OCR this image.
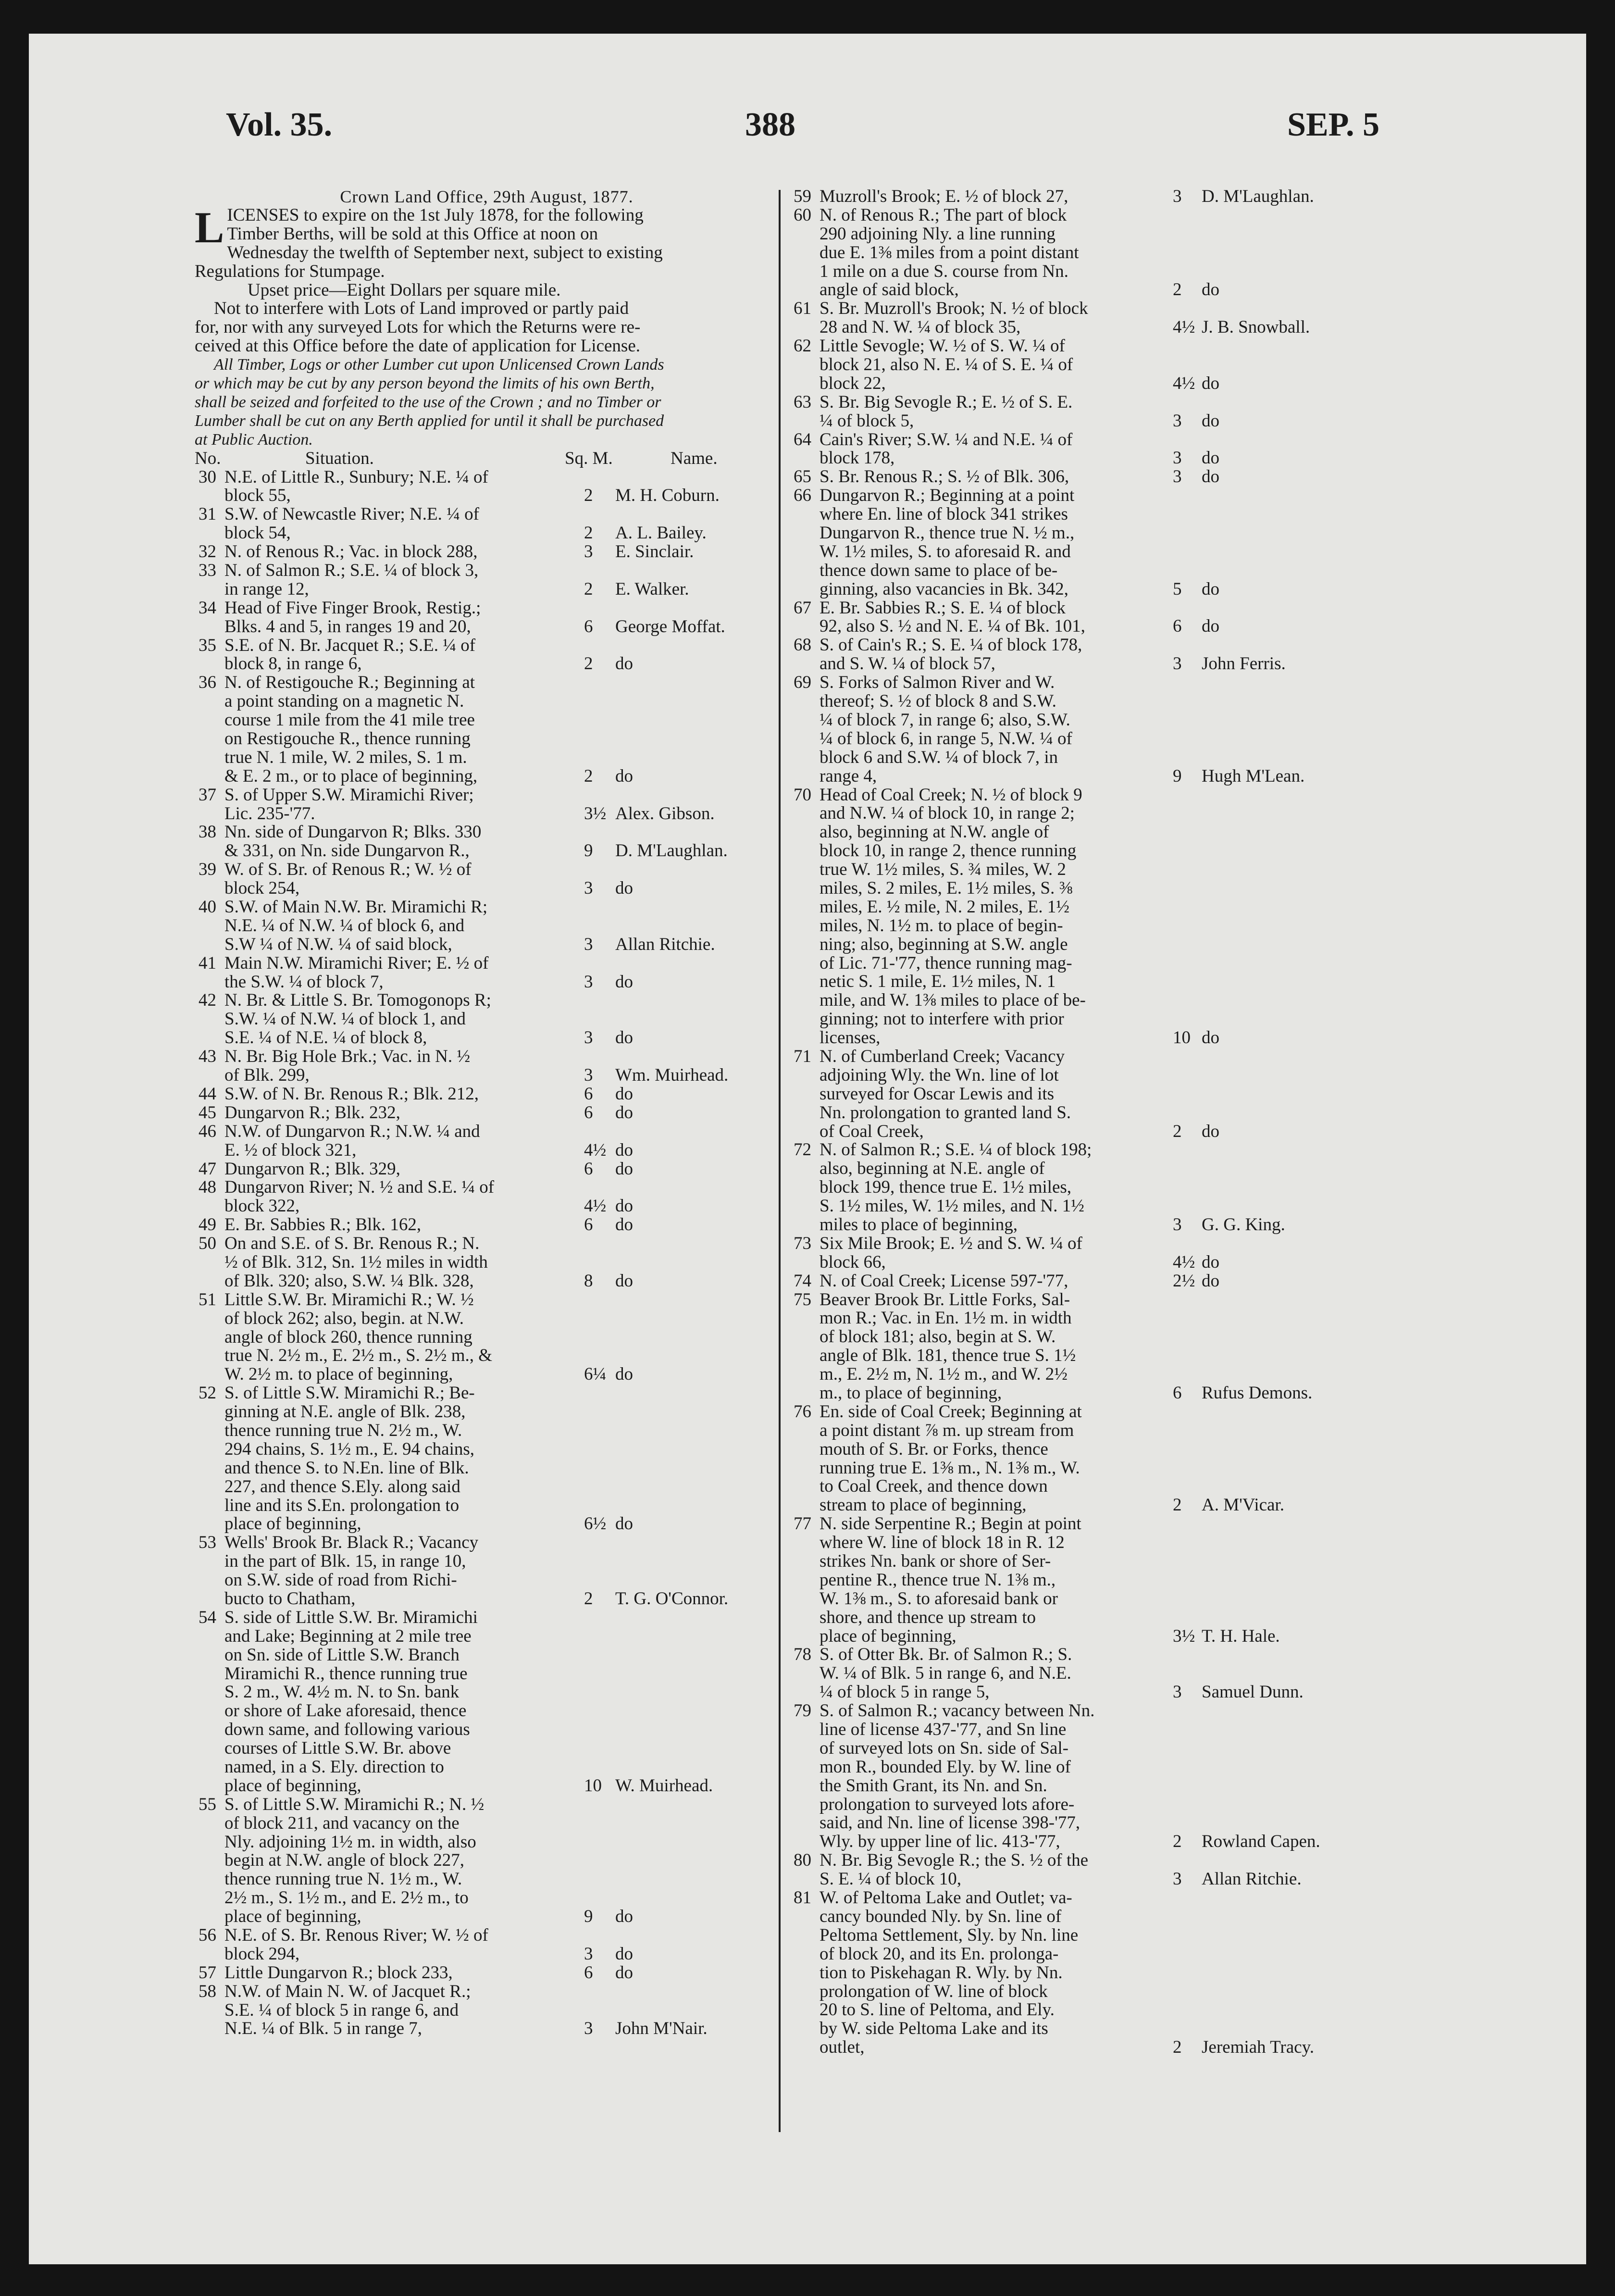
Vol. 35.	388	SEP. 5
Crown Land Office, 29th August, 1877.
L ICENSES to expire on the 1st July 1878, for the following
Timber Berths, will be sold at this Office at noon on
Wednesday the twelfth of September next, subject to existing
Regulations for Stumpage.
Upset price—Eight Dollars per square mile.
Not to interfere with Lots of Land improved or partly paid
for, nor with any surveyed Lots for which the Returns were re-
ceived at this Office before the date of application for License.
All Timber, Logs or other Lumber cut upon Unlicensed Crown Lands
or which may be cut by any person beyond the limits of his own Berth,
shall be seized and forfeited to the use of the Crown ; and no Timber or
Lumber shall be cut on any Berth applied for until it shall be purchased
at Public Auction.
No.	Situation.	Sq. M.	Name.
30 N.E. of Little R., Sunbury; N.E. ¼ of
block 55,	2 M. H. Coburn.
31 S.W. of Newcastle River; N.E. ¼ of
block 54,	2 A. L. Bailey.
32 N. of Renous R.; Vac. in block 288,	3 E. Sinclair.
33 N. of Salmon R.; S.E. ¼ of block 3,
in range 12,	2 E. Walker.
34 Head of Five Finger Brook, Restig.;
Blks. 4 and 5, in ranges 19 and 20,	6 George Moffat.
35 S.E. of N. Br. Jacquet R.; S.E. ¼ of
block 8, in range 6,	2 do
36 N. of Restigouche R.; Beginning at
a point standing on a magnetic N.
course 1 mile from the 41 mile tree
on Restigouche R., thence running
true N. 1 mile, W. 2 miles, S. 1 m.
& E. 2 m., or to place of beginning,	2 do
37 S. of Upper S.W. Miramichi River;
Lic. 235-'77.	3½ Alex. Gibson.
38 Nn. side of Dungarvon R; Blks. 330
& 331, on Nn. side Dungarvon R.,	9 D. M'Laughlan.
39 W. of S. Br. of Renous R.; W. ½ of
block 254,	3 do
40 S.W. of Main N.W. Br. Miramichi R;
N.E. ¼ of N.W. ¼ of block 6, and
S.W ¼ of N.W. ¼ of said block,	3 Allan Ritchie.
41 Main N.W. Miramichi River; E. ½ of
the S.W. ¼ of block 7,	3 do
42 N. Br. & Little S. Br. Tomogonops R;
S.W. ¼ of N.W. ¼ of block 1, and
S.E. ¼ of N.E. ¼ of block 8,	3 do
43 N. Br. Big Hole Brk.; Vac. in N. ½
of Blk. 299,	3 Wm. Muirhead.
44 S.W. of N. Br. Renous R.; Blk. 212,	6 do
45 Dungarvon R.; Blk. 232,	6 do
46 N.W. of Dungarvon R.; N.W. ¼ and
E. ½ of block 321,	4½ do
47 Dungarvon R.; Blk. 329,	6 do
48 Dungarvon River; N. ½ and S.E. ¼ of
block 322,	4½ do
49 E. Br. Sabbies R.; Blk. 162,	6 do
50 On and S.E. of S. Br. Renous R.; N.
½ of Blk. 312, Sn. 1½ miles in width
of Blk. 320; also, S.W. ¼ Blk. 328,	8 do
51 Little S.W. Br. Miramichi R.; W. ½
of block 262; also, begin. at N.W.
angle of block 260, thence running
true N. 2½ m., E. 2½ m., S. 2½ m., &
W. 2½ m. to place of beginning,	6¼ do
52 S. of Little S.W. Miramichi R.; Be-
ginning at N.E. angle of Blk. 238,
thence running true N. 2½ m., W.
294 chains, S. 1½ m., E. 94 chains,
and thence S. to N.En. line of Blk.
227, and thence S.Ely. along said
line and its S.En. prolongation to
place of beginning,	6½ do
53 Wells' Brook Br. Black R.; Vacancy
in the part of Blk. 15, in range 10,
on S.W. side of road from Richi-
bucto to Chatham,	2 T. G. O'Connor.
54 S. side of Little S.W. Br. Miramichi
and Lake; Beginning at 2 mile tree
on Sn. side of Little S.W. Branch
Miramichi R., thence running true
S. 2 m., W. 4½ m. N. to Sn. bank
or shore of Lake aforesaid, thence
down same, and following various
courses of Little S.W. Br. above
named, in a S. Ely. direction to
place of beginning,	10 W. Muirhead.
55 S. of Little S.W. Miramichi R.; N. ½
of block 211, and vacancy on the
Nly. adjoining 1½ m. in width, also
begin at N.W. angle of block 227,
thence running true N. 1½ m., W.
2½ m., S. 1½ m., and E. 2½ m., to
place of beginning,	9 do
56 N.E. of S. Br. Renous River; W. ½ of
block 294,	3 do
57 Little Dungarvon R.; block 233,	6 do
58 N.W. of Main N. W. of Jacquet R.;
S.E. ¼ of block 5 in range 6, and
N.E. ¼ of Blk. 5 in range 7,	3 John M'Nair.
59 Muzroll's Brook; E. ½ of block 27,	3 D. M'Laughlan.
60 N. of Renous R.; The part of block
290 adjoining Nly. a line running
due E. 1⅜ miles from a point distant
1 mile on a due S. course from Nn.
angle of said block,	2 do
61 S. Br. Muzroll's Brook; N. ½ of block
28 and N. W. ¼ of block 35,	4½ J. B. Snowball.
62 Little Sevogle; W. ½ of S. W. ¼ of
block 21, also N. E. ¼ of S. E. ¼ of
block 22,	4½ do
63 S. Br. Big Sevogle R.; E. ½ of S. E.
¼ of block 5,	3 do
64 Cain's River; S.W. ¼ and N.E. ¼ of
block 178,	3 do
65 S. Br. Renous R.; S. ½ of Blk. 306,	3 do
66 Dungarvon R.; Beginning at a point
where En. line of block 341 strikes
Dungarvon R., thence true N. ½ m.,
W. 1½ miles, S. to aforesaid R. and
thence down same to place of be-
ginning, also vacancies in Bk. 342,	5 do
67 E. Br. Sabbies R.; S. E. ¼ of block
92, also S. ½ and N. E. ¼ of Bk. 101,	6 do
68 S. of Cain's R.; S. E. ¼ of block 178,
and S. W. ¼ of block 57,	3 John Ferris.
69 S. Forks of Salmon River and W.
thereof; S. ½ of block 8 and S.W.
¼ of block 7, in range 6; also, S.W.
¼ of block 6, in range 5, N.W. ¼ of
block 6 and S.W. ¼ of block 7, in
range 4,	9 Hugh M'Lean.
70 Head of Coal Creek; N. ½ of block 9
and N.W. ¼ of block 10, in range 2;
also, beginning at N.W. angle of
block 10, in range 2, thence running
true W. 1½ miles, S. ¾ miles, W. 2
miles, S. 2 miles, E. 1½ miles, S. ⅜
miles, E. ½ mile, N. 2 miles, E. 1½
miles, N. 1½ m. to place of begin-
ning; also, beginning at S.W. angle
of Lic. 71-'77, thence running mag-
netic S. 1 mile, E. 1½ miles, N. 1
mile, and W. 1⅜ miles to place of be-
ginning; not to interfere with prior
licenses,	10 do
71 N. of Cumberland Creek; Vacancy
adjoining Wly. the Wn. line of lot
surveyed for Oscar Lewis and its
Nn. prolongation to granted land S.
of Coal Creek,	2 do
72 N. of Salmon R.; S.E. ¼ of block 198;
also, beginning at N.E. angle of
block 199, thence true E. 1½ miles,
S. 1½ miles, W. 1½ miles, and N. 1½
miles to place of beginning,	3 G. G. King.
73 Six Mile Brook; E. ½ and S. W. ¼ of
block 66,	4½ do
74 N. of Coal Creek; License 597-'77,	2½ do
75 Beaver Brook Br. Little Forks, Sal-
mon R.; Vac. in En. 1½ m. in width
of block 181; also, begin at S. W.
angle of Blk. 181, thence true S. 1½
m., E. 2½ m, N. 1½ m., and W. 2½
m., to place of beginning,	6 Rufus Demons.
76 En. side of Coal Creek; Beginning at
a point distant ⅞ m. up stream from
mouth of S. Br. or Forks, thence
running true E. 1⅜ m., N. 1⅜ m., W.
to Coal Creek, and thence down
stream to place of beginning,	2 A. M'Vicar.
77 N. side Serpentine R.; Begin at point
where W. line of block 18 in R. 12
strikes Nn. bank or shore of Ser-
pentine R., thence true N. 1⅜ m.,
W. 1⅜ m., S. to aforesaid bank or
shore, and thence up stream to
place of beginning,	3½ T. H. Hale.
78 S. of Otter Bk. Br. of Salmon R.; S.
W. ¼ of Blk. 5 in range 6, and N.E.
¼ of block 5 in range 5,	3 Samuel Dunn.
79 S. of Salmon R.; vacancy between Nn.
line of license 437-'77, and Sn line
of surveyed lots on Sn. side of Sal-
mon R., bounded Ely. by W. line of
the Smith Grant, its Nn. and Sn.
prolongation to surveyed lots afore-
said, and Nn. line of license 398-'77,
Wly. by upper line of lic. 413-'77,	2 Rowland Capen.
80 N. Br. Big Sevogle R.; the S. ½ of the
S. E. ¼ of block 10,	3 Allan Ritchie.
81 W. of Peltoma Lake and Outlet; va-
cancy bounded Nly. by Sn. line of
Peltoma Settlement, Sly. by Nn. line
of block 20, and its En. prolonga-
tion to Piskehagan R. Wly. by Nn.
prolongation of W. line of block
20 to S. line of Peltoma, and Ely.
by W. side Peltoma Lake and its
outlet,	2 Jeremiah Tracy.
